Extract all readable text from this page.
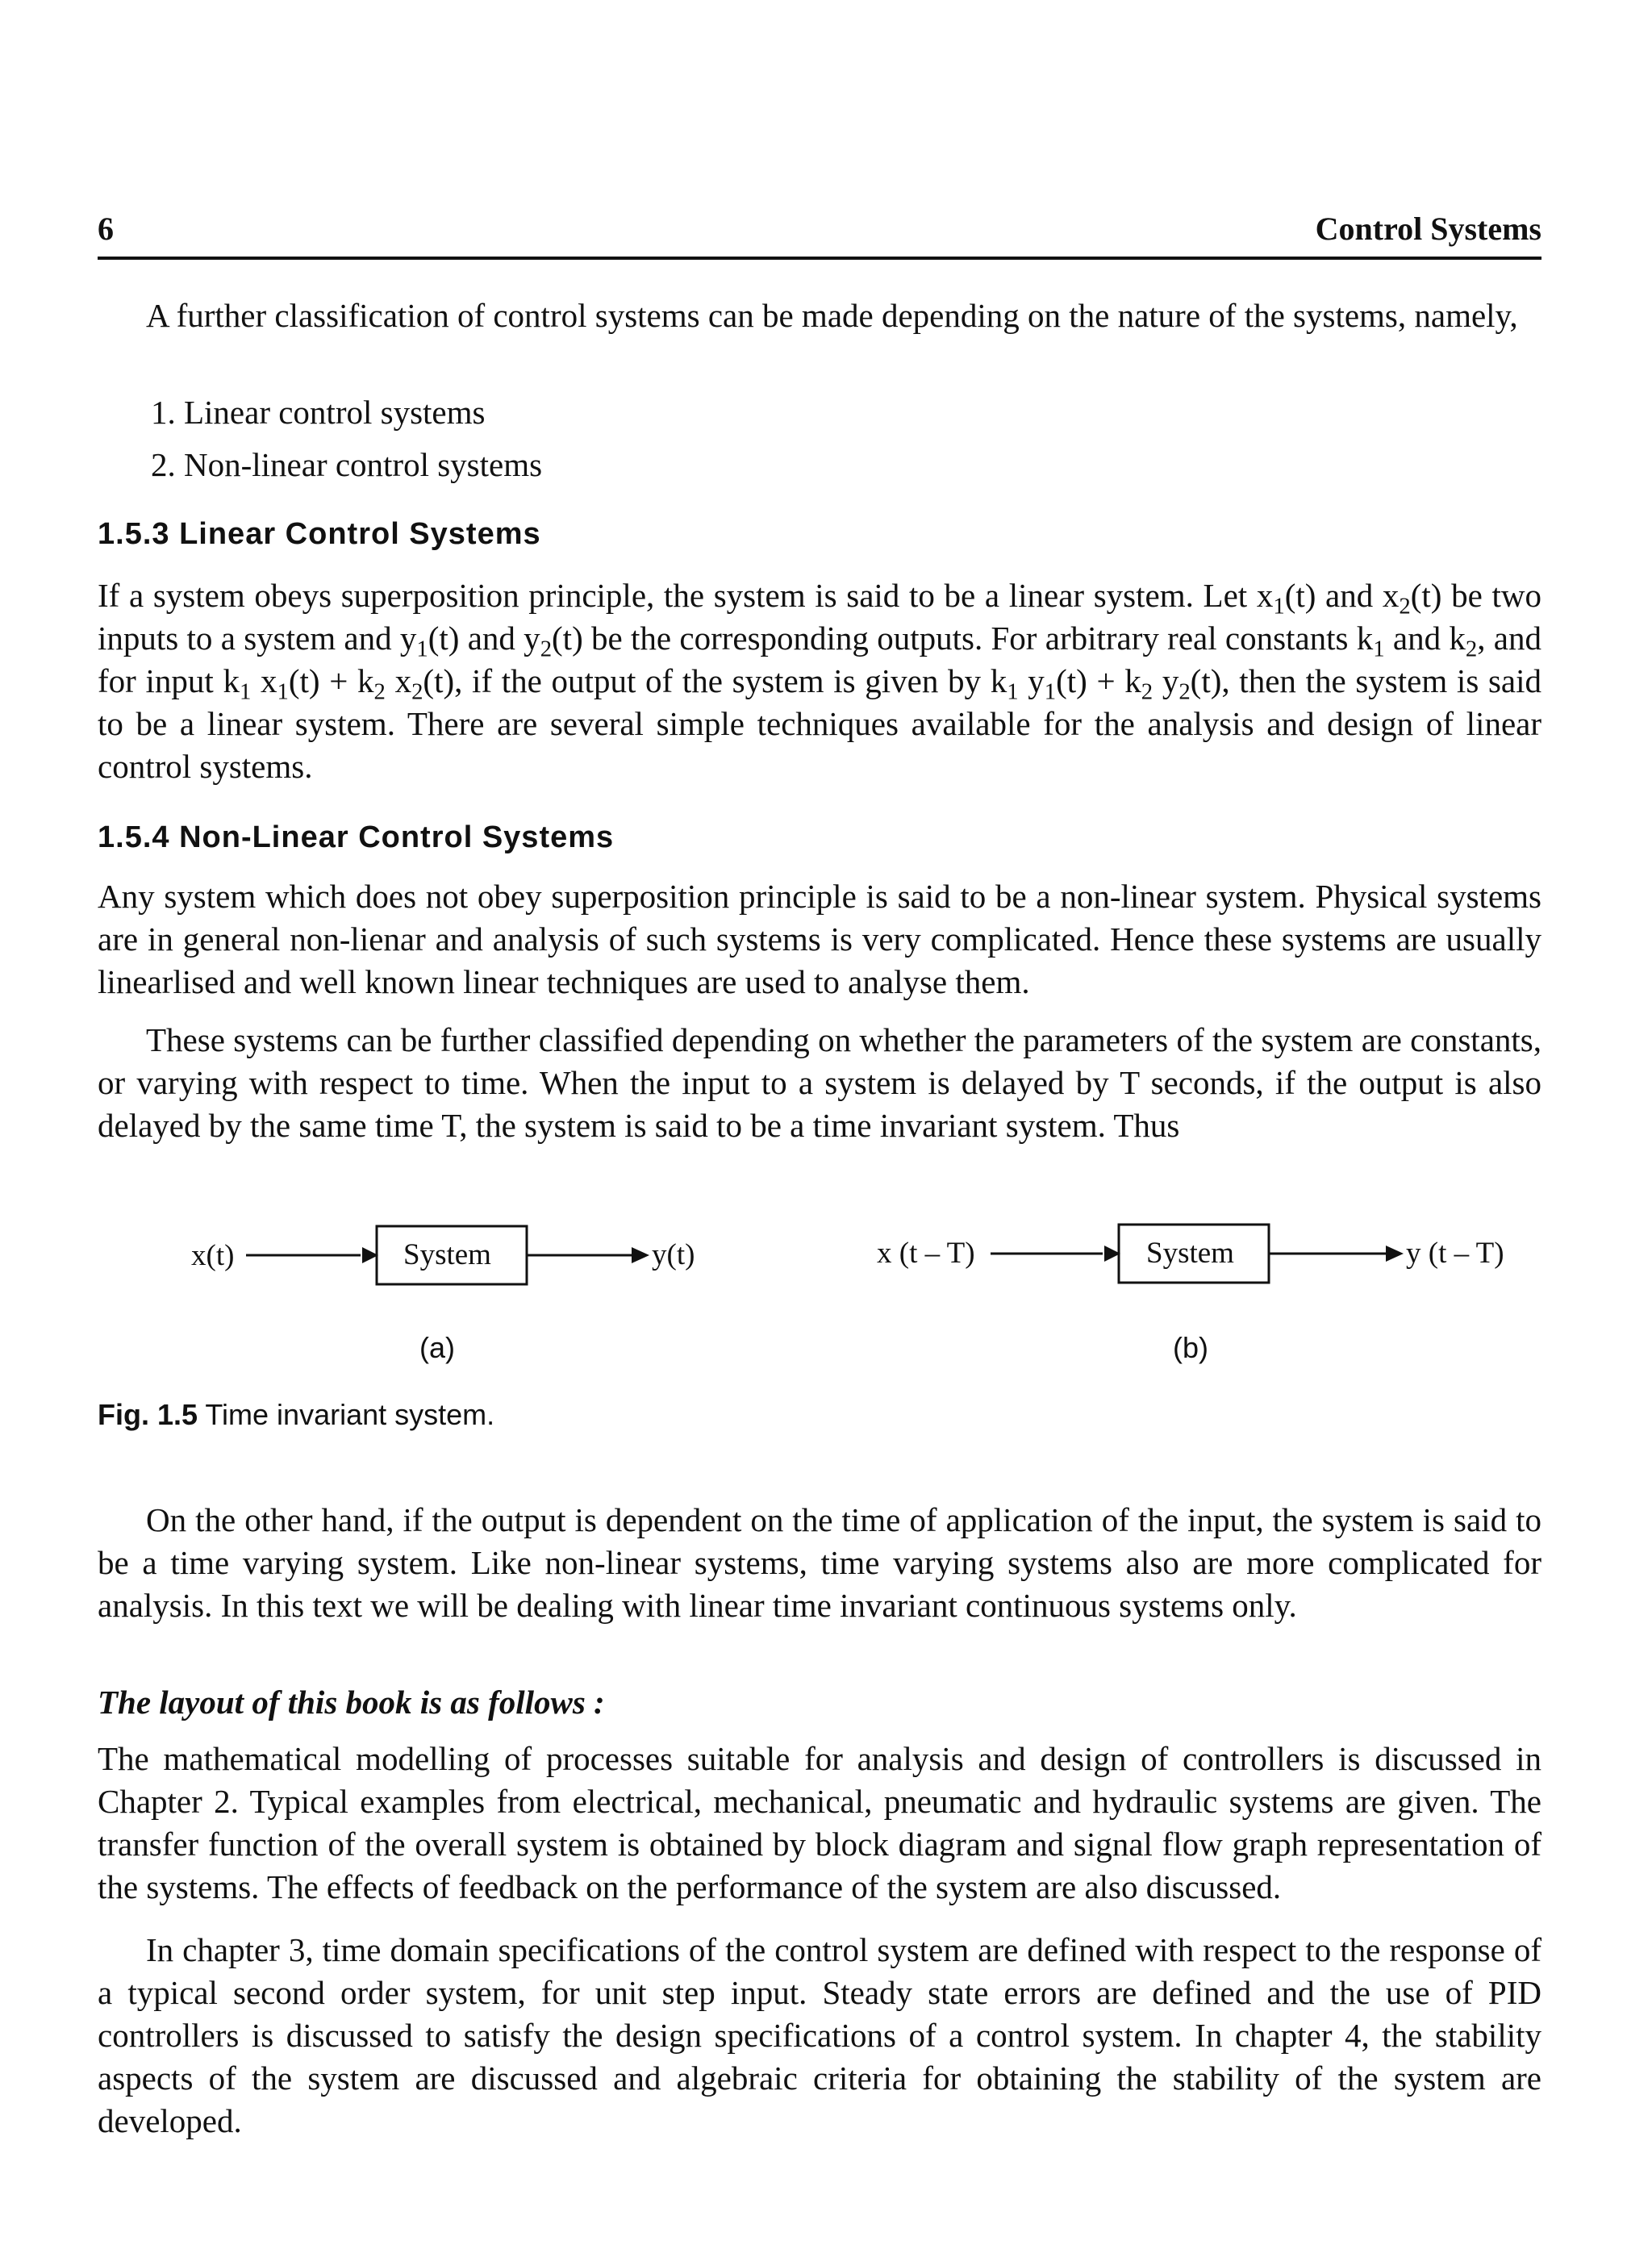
6	Control Systems

A further classification of control systems can be made depending on the nature of the systems, namely,

1. Linear control systems
2. Non-linear control systems
1.5.3 Linear Control Systems

If a system obeys superposition principle, the system is said to be a linear system. Let $x_1(t)$ and $x_2(t)$ be two inputs to a system and $y_1(t)$ and $y_2(t)$ be the corresponding outputs. For arbitrary real constants $k_1$ and $k_2$, and for input $k_1$ $x_1(t) + k_2$ $x_2(t)$, if the output of the system is given by $k_1$ $y_1(t) + k_2$ $y_2(t)$, then the system is said to be a linear system. There are several simple techniques available for the analysis and design of linear control systems.

1.5.4 Non-Linear Control Systems

Any system which does not obey superposition principle is said to be a non-linear system. Physical systems are in general non-lienar and analysis of such systems is very complicated. Hence these systems are usually linearlised and well known linear techniques are used to analyse them.

These systems can be further classified depending on whether the parameters of the system are constants, or varying with respect to time. When the input to a system is delayed by T seconds, if the output is also delayed by the same time T, the system is said to be a time invariant system. Thus

x(t)	System	y(t)
(a)
x (t – T)	System	y (t – T)
(b)
Fig. 1.5 Time invariant system.

On the other hand, if the output is dependent on the time of application of the input, the system is said to be a time varying system. Like non-linear systems, time varying systems also are more complicated for analysis. In this text we will be dealing with linear time invariant continuous systems only.

The layout of this book is as follows :

The mathematical modelling of processes suitable for analysis and design of controllers is discussed in Chapter 2. Typical examples from electrical, mechanical, pneumatic and hydraulic systems are given. The transfer function of the overall system is obtained by block diagram and signal flow graph representation of the systems. The effects of feedback on the performance of the system are also discussed.

In chapter 3, time domain specifications of the control system are defined with respect to the response of a typical second order system, for unit step input. Steady state errors are defined and the use of PID controllers is discussed to satisfy the design specifications of a control system. In chapter 4, the stability aspects of the system are discussed and algebraic criteria for obtaining the stability of the system are developed.
